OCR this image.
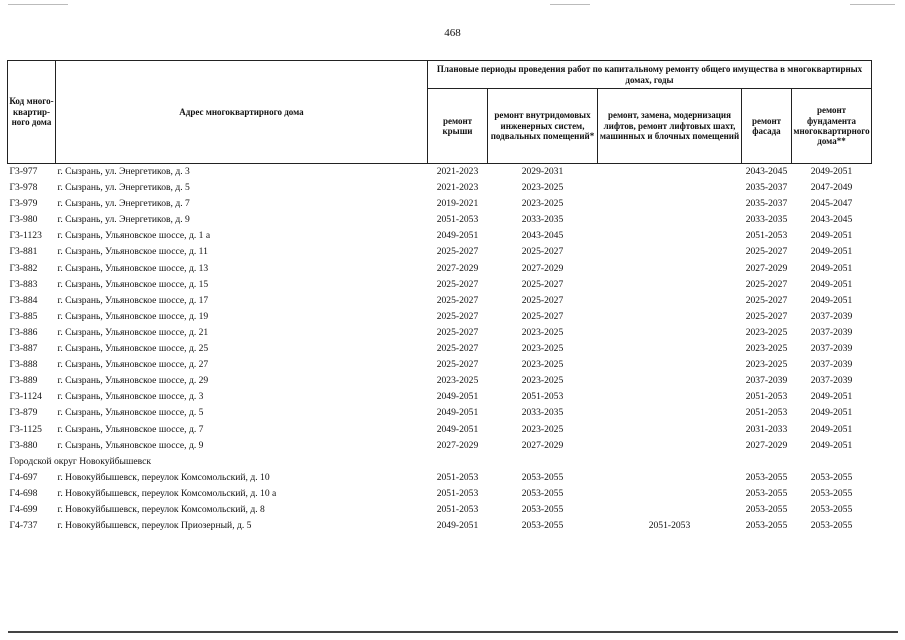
468
Код много-квартир-ного дома	Адрес многоквартирного дома	Плановые периоды проведения работ по капитальному ремонту общего имущества в многоквартирных домах, годы				
		ремонт крыши	ремонт внутридомовых инженерных систем, подвальных помещений*	ремонт, замена, модернизация лифтов, ремонт лифтовых шахт, машинных и блочных помещений	ремонт фасада	ремонт фундамента многоквартирного дома**
Г3-977	г. Сызрань, ул. Энергетиков, д. 3	2021-2023	2029-2031		2043-2045	2049-2051
Г3-978	г. Сызрань, ул. Энергетиков, д. 5	2021-2023	2023-2025		2035-2037	2047-2049
Г3-979	г. Сызрань, ул. Энергетиков, д. 7	2019-2021	2023-2025		2035-2037	2045-2047
Г3-980	г. Сызрань, ул. Энергетиков, д. 9	2051-2053	2033-2035		2033-2035	2043-2045
Г3-1123	г. Сызрань, Ульяновское шоссе, д. 1 а	2049-2051	2043-2045		2051-2053	2049-2051
Г3-881	г. Сызрань, Ульяновское шоссе, д. 11	2025-2027	2025-2027		2025-2027	2049-2051
Г3-882	г. Сызрань, Ульяновское шоссе, д. 13	2027-2029	2027-2029		2027-2029	2049-2051
Г3-883	г. Сызрань, Ульяновское шоссе, д. 15	2025-2027	2025-2027		2025-2027	2049-2051
Г3-884	г. Сызрань, Ульяновское шоссе, д. 17	2025-2027	2025-2027		2025-2027	2049-2051
Г3-885	г. Сызрань, Ульяновское шоссе, д. 19	2025-2027	2025-2027		2025-2027	2037-2039
Г3-886	г. Сызрань, Ульяновское шоссе, д. 21	2025-2027	2023-2025		2023-2025	2037-2039
Г3-887	г. Сызрань, Ульяновское шоссе, д. 25	2025-2027	2023-2025		2023-2025	2037-2039
Г3-888	г. Сызрань, Ульяновское шоссе, д. 27	2025-2027	2023-2025		2023-2025	2037-2039
Г3-889	г. Сызрань, Ульяновское шоссе, д. 29	2023-2025	2023-2025		2037-2039	2037-2039
Г3-1124	г. Сызрань, Ульяновское шоссе, д. 3	2049-2051	2051-2053		2051-2053	2049-2051
Г3-879	г. Сызрань, Ульяновское шоссе, д. 5	2049-2051	2033-2035		2051-2053	2049-2051
Г3-1125	г. Сызрань, Ульяновское шоссе, д. 7	2049-2051	2023-2025		2031-2033	2049-2051
Г3-880	г. Сызрань, Ульяновское шоссе, д. 9	2027-2029	2027-2029		2027-2029	2049-2051
Городской округ Новокуйбышевск						
Г4-697	г. Новокуйбышевск, переулок Комсомольский, д. 10	2051-2053	2053-2055		2053-2055	2053-2055
Г4-698	г. Новокуйбышевск, переулок Комсомольский, д. 10 а	2051-2053	2053-2055		2053-2055	2053-2055
Г4-699	г. Новокуйбышевск, переулок Комсомольский, д. 8	2051-2053	2053-2055		2053-2055	2053-2055
Г4-737	г. Новокуйбышевск, переулок Приозерный, д. 5	2049-2051	2053-2055	2051-2053	2053-2055	2053-2055
